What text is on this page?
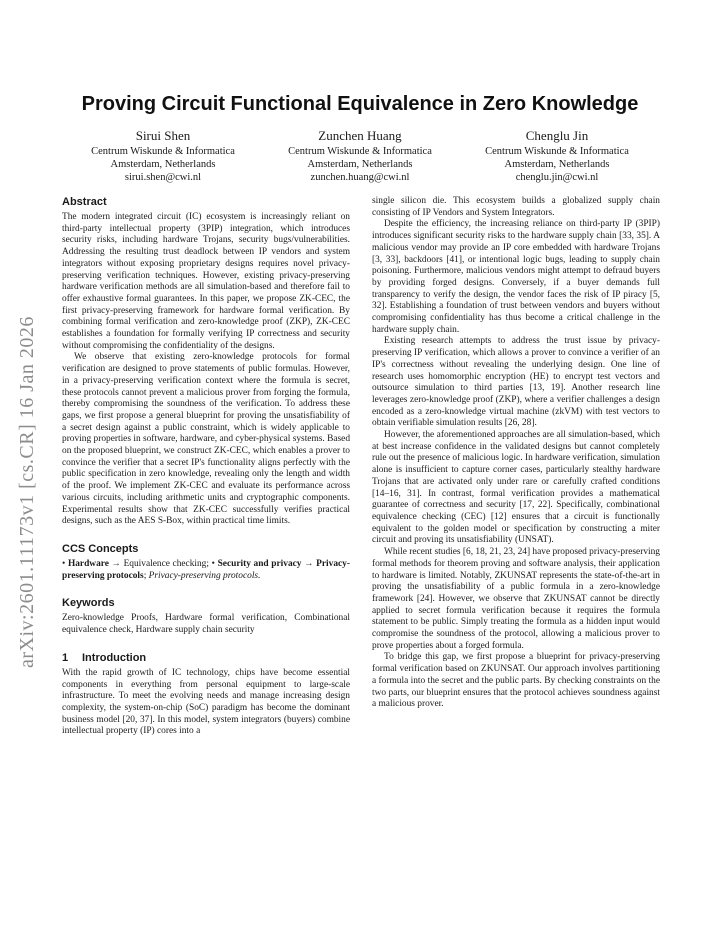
arXiv:2601.11173v1 [cs.CR] 16 Jan 2026
Proving Circuit Functional Equivalence in Zero Knowledge
Sirui Shen
Centrum Wiskunde & Informatica
Amsterdam, Netherlands
sirui.shen@cwi.nl
Zunchen Huang
Centrum Wiskunde & Informatica
Amsterdam, Netherlands
zunchen.huang@cwi.nl
Chenglu Jin
Centrum Wiskunde & Informatica
Amsterdam, Netherlands
chenglu.jin@cwi.nl
Abstract

The modern integrated circuit (IC) ecosystem is increasingly reliant on third-party intellectual property (3PIP) integration, which introduces security risks, including hardware Trojans, security bugs/vulnerabilities. Addressing the resulting trust deadlock between IP vendors and system integrators without exposing proprietary designs requires novel privacy-preserving verification techniques. However, existing privacy-preserving hardware verification methods are all simulation-based and therefore fail to offer exhaustive formal guarantees. In this paper, we propose ZK-CEC, the first privacy-preserving framework for hardware formal verification. By combining formal verification and zero-knowledge proof (ZKP), ZK-CEC establishes a foundation for formally verifying IP correctness and security without compromising the confidentiality of the designs.

We observe that existing zero-knowledge protocols for formal verification are designed to prove statements of public formulas. However, in a privacy-preserving verification context where the formula is secret, these protocols cannot prevent a malicious prover from forging the formula, thereby compromising the soundness of the verification. To address these gaps, we first propose a general blueprint for proving the unsatisfiability of a secret design against a public constraint, which is widely applicable to proving properties in software, hardware, and cyber-physical systems. Based on the proposed blueprint, we construct ZK-CEC, which enables a prover to convince the verifier that a secret IP's functionality aligns perfectly with the public specification in zero knowledge, revealing only the length and width of the proof. We implement ZK-CEC and evaluate its performance across various circuits, including arithmetic units and cryptographic components. Experimental results show that ZK-CEC successfully verifies practical designs, such as the AES S-Box, within practical time limits.

CCS Concepts

• Hardware → Equivalence checking; • Security and privacy → Privacy-preserving protocols; Privacy-preserving protocols.

Keywords

Zero-knowledge Proofs, Hardware formal verification, Combinational equivalence check, Hardware supply chain security

1 Introduction

With the rapid growth of IC technology, chips have become essential components in everything from personal equipment to large-scale infrastructure. To meet the evolving needs and manage increasing design complexity, the system-on-chip (SoC) paradigm has become the dominant business model [20, 37]. In this model, system integrators (buyers) combine intellectual property (IP) cores into a

single silicon die. This ecosystem builds a globalized supply chain consisting of IP Vendors and System Integrators.

Despite the efficiency, the increasing reliance on third-party IP (3PIP) introduces significant security risks to the hardware supply chain [33, 35]. A malicious vendor may provide an IP core embedded with hardware Trojans [3, 33], backdoors [41], or intentional logic bugs, leading to supply chain poisoning. Furthermore, malicious vendors might attempt to defraud buyers by providing forged designs. Conversely, if a buyer demands full transparency to verify the design, the vendor faces the risk of IP piracy [5, 32]. Establishing a foundation of trust between vendors and buyers without compromising confidentiality has thus become a critical challenge in the hardware supply chain.

Existing research attempts to address the trust issue by privacy-preserving IP verification, which allows a prover to convince a verifier of an IP's correctness without revealing the underlying design. One line of research uses homomorphic encryption (HE) to encrypt test vectors and outsource simulation to third parties [13, 19]. Another research line leverages zero-knowledge proof (ZKP), where a verifier challenges a design encoded as a zero-knowledge virtual machine (zkVM) with test vectors to obtain verifiable simulation results [26, 28].

However, the aforementioned approaches are all simulation-based, which at best increase confidence in the validated designs but cannot completely rule out the presence of malicious logic. In hardware verification, simulation alone is insufficient to capture corner cases, particularly stealthy hardware Trojans that are activated only under rare or carefully crafted conditions [14–16, 31]. In contrast, formal verification provides a mathematical guarantee of correctness and security [17, 22]. Specifically, combinational equivalence checking (CEC) [12] ensures that a circuit is functionally equivalent to the golden model or specification by constructing a miter circuit and proving its unsatisfiability (UNSAT).

While recent studies [6, 18, 21, 23, 24] have proposed privacy-preserving formal methods for theorem proving and software analysis, their application to hardware is limited. Notably, ZKUNSAT represents the state-of-the-art in proving the unsatisfiability of a public formula in a zero-knowledge framework [24]. However, we observe that ZKUNSAT cannot be directly applied to secret formula verification because it requires the formula statement to be public. Simply treating the formula as a hidden input would compromise the soundness of the protocol, allowing a malicious prover to prove properties about a forged formula.

To bridge this gap, we first propose a blueprint for privacy-preserving formal verification based on ZKUNSAT. Our approach involves partitioning a formula into the secret and the public parts. By checking constraints on the two parts, our blueprint ensures that the protocol achieves soundness against a malicious prover.
